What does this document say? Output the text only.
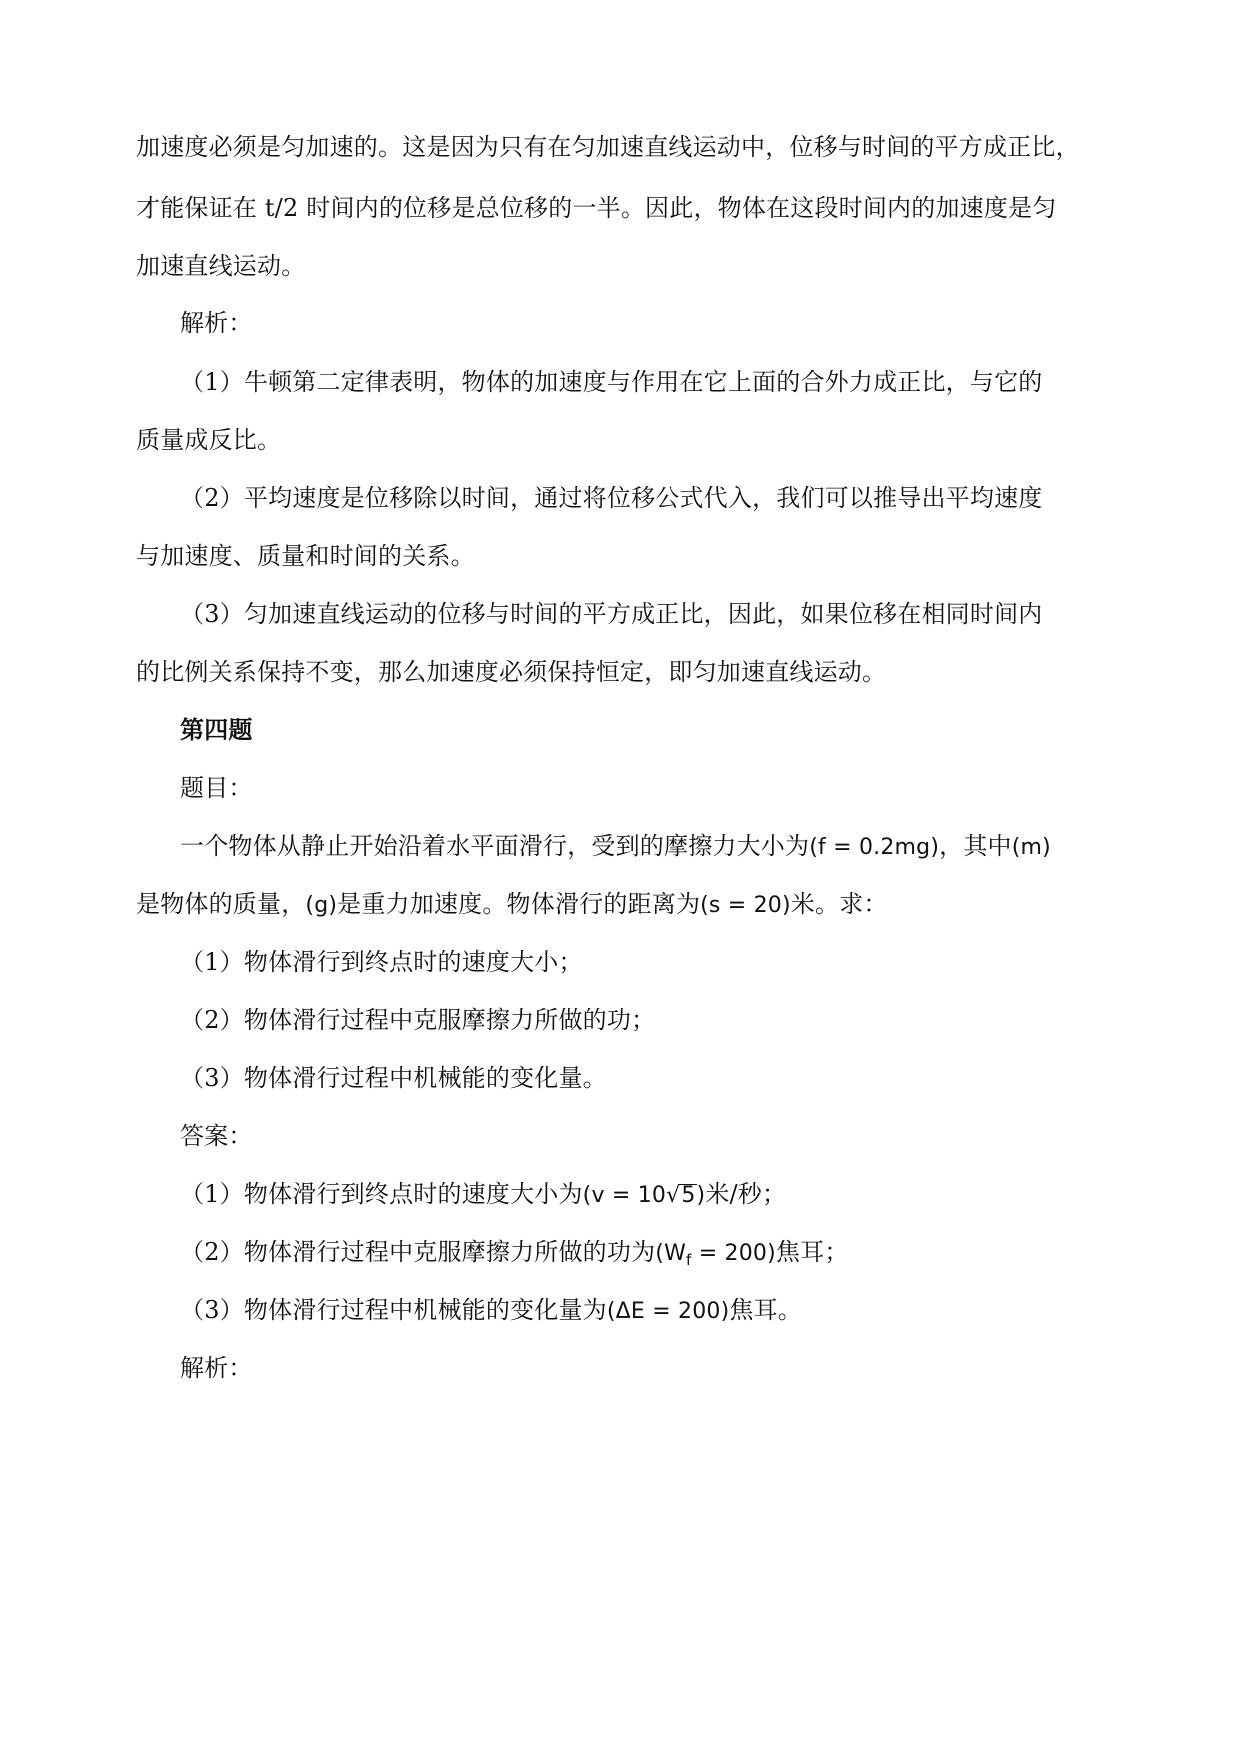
加速度必须是匀加速的。这是因为只有在匀加速直线运动中，位移与时间的平方成正比，
才能保证在 t/2 时间内的位移是总位移的一半。因此，物体在这段时间内的加速度是匀
加速直线运动。
解析：
（1）牛顿第二定律表明，物体的加速度与作用在它上面的合外力成正比，与它的
质量成反比。
（2）平均速度是位移除以时间，通过将位移公式代入，我们可以推导出平均速度
与加速度、质量和时间的关系。
（3）匀加速直线运动的位移与时间的平方成正比，因此，如果位移在相同时间内
的比例关系保持不变，那么加速度必须保持恒定，即匀加速直线运动。
第四题
题目：
一个物体从静止开始沿着水平面滑行，受到的摩擦力大小为(f = 0.2mg)，其中(m)
是物体的质量，(g)是重力加速度。物体滑行的距离为(s = 20)米。求：
（1）物体滑行到终点时的速度大小；
（2）物体滑行过程中克服摩擦力所做的功；
（3）物体滑行过程中机械能的变化量。
答案：
（1）物体滑行到终点时的速度大小为(v = 10√5)米/秒；
（2）物体滑行过程中克服摩擦力所做的功为$(W_f = 200)$焦耳；
（3）物体滑行过程中机械能的变化量为(ΔE = 200)焦耳。
解析：
